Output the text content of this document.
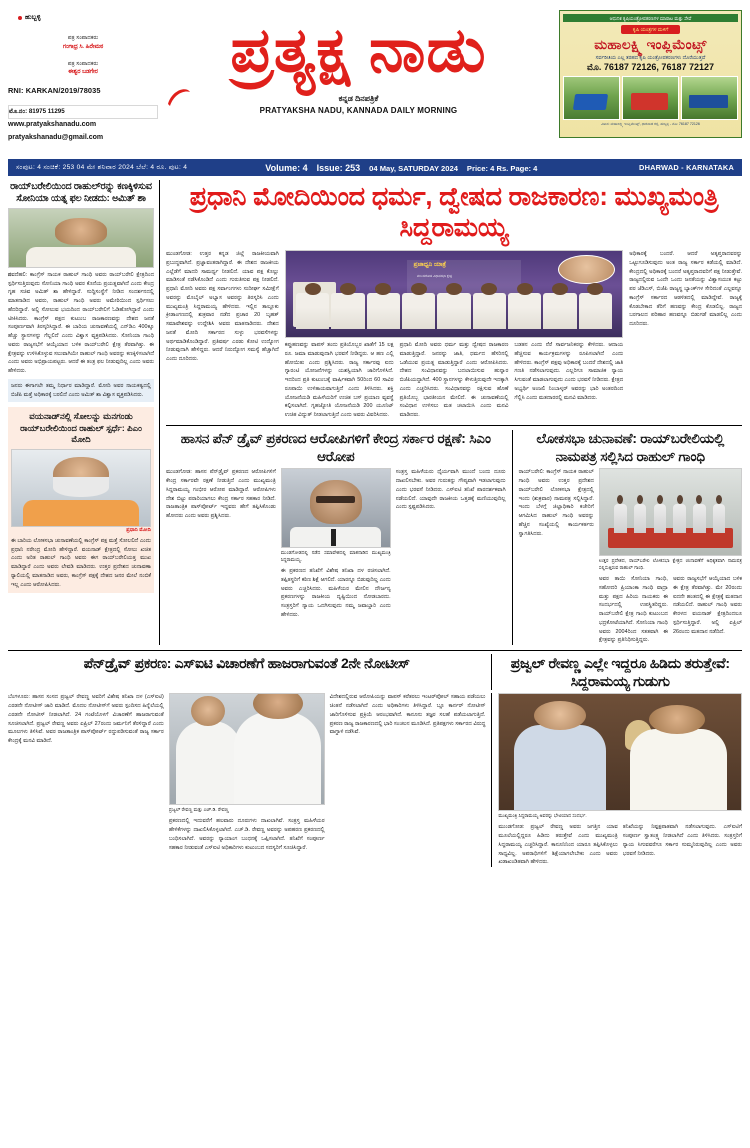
ಹುಬ್ಬಳ್ಳಿ
ಪತ್ರ ಸಂಪಾದಕರು
ಗಂಗಾಧ್ರ ಸಿ. ಹಿರೇಮಠ
ಪತ್ರ ಸಂಪಾದಕರು
ಈಶ್ವರ ಬಡಗೇರ
RNI: KARKAN/2019/78035
ಮೊ.ನಂ: 81975 11295
www.pratyakshanadu.com
pratyakshanadu@gmail.com
ಪ್ರತ್ಯಕ್ಷ ನಾಡು
ಕನ್ನಡ ದಿನಪತ್ರಿಕೆ
PRATYAKSHA NADU, KANNADA DAILY MORNING
ಆಧುನಿಕ ಕೃಷಿಯಂತ್ರೋಪಕರಣಗಳ ಮಾರಾಟ ಮತ್ತು ಸೇವೆ
ಕೃಷಿ ಯಂತ್ರಗಳ ಮಳಿಗೆ
ಮಹಾಲಕ್ಷ್ಮಿ ಇಂಪ್ಲಿಮೆಂಟ್ಸ್
ಸರ್ವರೀತಿಯ ಎಲ್ಲ ತರಹದ ಕೃಷಿ ಯಂತ್ರೋಪಕರಣಗಳು ದೊರೆಯುತ್ತವೆ
ಮೊ. 76187 72126, 76187 72127
ವಿಳಾಸ: ಮಹಾಲಕ್ಷ್ಮಿ ಇಂಪ್ಲಿಮೆಂಟ್ಸ್, ಧಾರವಾಡ ರಸ್ತೆ, ಹುಬ್ಬಳ್ಳಿ - ಮೊ: 76187 72126
ಸಂಪುಟ: 4 ಸಂಚಿಕೆ: 253 04 ಮೇ ಶನಿವಾರ 2024 ಬೆಲೆ: 4 ರೂ. ಪುಟ: 4	Volume: 4 Issue: 253 04 May, SATURDAY 2024 Price: 4 Rs. Page: 4	DHARWAD - KARNATAKA
ರಾಯ್‌ಬರೇಲಿಯಿಂದ ರಾಹುಲ್‌ರನ್ನು ಕಣಕ್ಕಿಳಿಸುವ ಸೋನಿಯಾ ಯತ್ನ ಫಲ ನೀಡದು: ಅಮಿತ್ ಶಾ
ನವದೆಹಲಿ: ಕಾಂಗ್ರೆಸ್ ನಾಯಕ ರಾಹುಲ್ ಗಾಂಧಿ ಅವರು ರಾಯ್‌ಬರೇಲಿ ಕ್ಷೇತ್ರದಿಂದ ಸ್ಪರ್ಧಿಸುತ್ತಿರುವುದು ಸೋನಿಯಾ ಗಾಂಧಿ ಅವರ ಕೊನೆಯ ಪ್ರಯತ್ನವಾಗಿದೆ ಎಂದು ಕೇಂದ್ರ ಗೃಹ ಸಚಿವ ಅಮಿತ್ ಶಾ ಹೇಳಿದ್ದಾರೆ. ಸುದ್ದಿಸಂಸ್ಥೆಗೆ ನೀಡಿದ ಸಂದರ್ಶನದಲ್ಲಿ ಮಾತನಾಡಿದ ಅವರು, ರಾಹುಲ್ ಗಾಂಧಿ ಅವರು ಅಮೇಠಿಯಿಂದ ಸ್ಪರ್ಧಿಸಲು ಹೆದರಿದ್ದಾರೆ. ಅಲ್ಲಿ ಸೋಲುವ ಭಯದಿಂದ ರಾಯ್‌ಬರೇಲಿಗೆ ಓಡಿಹೋಗಿದ್ದಾರೆ ಎಂದು ಟೀಕಿಸಿದರು. ಕಾಂಗ್ರೆಸ್ ಪಕ್ಷದ ಕುಟುಂಬ ರಾಜಕಾರಣವನ್ನು ದೇಶದ ಜನತೆ ಸಂಪೂರ್ಣವಾಗಿ ತಿರಸ್ಕರಿಸಿದ್ದಾರೆ. ಈ ಬಾರಿಯ ಚುನಾವಣೆಯಲ್ಲಿ ಎನ್‌ಡಿಎ 400ಕ್ಕೂ ಹೆಚ್ಚು ಸ್ಥಾನಗಳನ್ನು ಗೆಲ್ಲಲಿದೆ ಎಂದು ವಿಶ್ವಾಸ ವ್ಯಕ್ತಪಡಿಸಿದರು. ಸೋನಿಯಾ ಗಾಂಧಿ ಅವರು ರಾಜ್ಯಸಭೆಗೆ ಆಯ್ಕೆಯಾದ ಬಳಿಕ ರಾಯ್‌ಬರೇಲಿ ಕ್ಷೇತ್ರ ತೆರವಾಗಿತ್ತು. ಈ ಕ್ಷೇತ್ರವನ್ನು ಉಳಿಸಿಕೊಳ್ಳುವ ಸಲುವಾಗಿಯೇ ರಾಹುಲ್ ಗಾಂಧಿ ಅವರನ್ನು ಕಣಕ್ಕಿಳಿಸಲಾಗಿದೆ ಎಂದು ಅವರು ಅಭಿಪ್ರಾಯಪಟ್ಟರು. ಆದರೆ ಈ ತಂತ್ರ ಫಲ ನೀಡುವುದಿಲ್ಲ ಎಂದು ಅವರು ಹೇಳಿದರು.
ಜನರು ಈಗಾಗಲೇ ತಮ್ಮ ನಿರ್ಧಾರ ಮಾಡಿದ್ದಾರೆ. ಮೋದಿ ಅವರ ನಾಯಕತ್ವದಲ್ಲಿ ಬಿಜೆಪಿ ಮತ್ತೆ ಅಧಿಕಾರಕ್ಕೆ ಬರಲಿದೆ ಎಂದು ಅಮಿತ್ ಶಾ ವಿಶ್ವಾಸ ವ್ಯಕ್ತಪಡಿಸಿದರು.
ವಯನಾಡ್‌ನಲ್ಲಿ ಸೋಲನ್ನು ಮನಗಂಡು ರಾಯ್‌ಬರೇಲಿಯಿಂದ ರಾಹುಲ್ ಸ್ಪರ್ಧೆ: ಪಿಎಂ ಮೋದಿ
ಪ್ರಧಾನಿ ಮೋದಿ
ಈ ಬಾರಿಯ ಲೋಕಸಭಾ ಚುನಾವಣೆಯಲ್ಲಿ ಕಾಂಗ್ರೆಸ್ ಪಕ್ಷ ಮತ್ತೆ ಸೋಲಲಿದೆ ಎಂದು ಪ್ರಧಾನಿ ನರೇಂದ್ರ ಮೋದಿ ಹೇಳಿದ್ದಾರೆ. ವಯನಾಡ್ ಕ್ಷೇತ್ರದಲ್ಲಿ ಸೋಲು ಖಚಿತ ಎಂದು ಅರಿತ ರಾಹುಲ್ ಗಾಂಧಿ ಅವರು ಈಗ ರಾಯ್‌ಬರೇಲಿಯತ್ತ ಮುಖ ಮಾಡಿದ್ದಾರೆ ಎಂದು ಅವರು ಲೇವಡಿ ಮಾಡಿದರು. ಉತ್ತರ ಪ್ರದೇಶದ ಚುನಾವಣಾ ರ್‍ಯಾಲಿಯಲ್ಲಿ ಮಾತನಾಡಿದ ಅವರು, ಕಾಂಗ್ರೆಸ್ ಪಕ್ಷಕ್ಕೆ ದೇಶದ ಜನರ ಮೇಲೆ ನಂಬಿಕೆ ಇಲ್ಲ ಎಂದು ಆರೋಪಿಸಿದರು.
ಪ್ರಧಾನಿ ಮೋದಿಯಿಂದ ಧರ್ಮ, ದ್ವೇಷದ ರಾಜಕಾರಣ: ಮುಖ್ಯಮಂತ್ರಿ ಸಿದ್ದರಾಮಯ್ಯ
ಮುಂಡಗೋಡ: ಉತ್ತರ ಕನ್ನಡ ಜಿಲ್ಲೆ ರಾಜಕೀಯವಾಗಿ ಪ್ರಬುದ್ಧವಾಗಿದೆ. ಪ್ರಜ್ಞಾವಂತರಾಗಿದ್ದಾರೆ. ಈ ದೇಶದ ರಾಜಕೀಯ ಎಲ್ಲೆಡೆಗೆ ಮಾದರಿ ಸಾಮರ್ಥ್ಯ ನೀಡಲಿದೆ. ಯಾವ ಪಕ್ಷ ಕೊಲ್ಲು ಮಾಡಿಸಂತೆ ನಡೆಸಿಕೊಂಡಿದೆ ಎಂದು ಗುರುತಿಸುವ ಪಕ್ಷ ನೀಡಲಿದೆ. ಪ್ರಧಾನಿ ಮೋದಿ ಅವರು ಪಕ್ಷ ಸರ್ವಾಂಗಗಳು ಸುದೀರ್ಘ ಸಮೀಕ್ಷೆಗೆ ಅವರನ್ನು ಮೊಬೈಲ್ ಅಭ್ಯಾಸ ಅವರನ್ನು ತಿರಸ್ಕರಿಸಿ ಎಂದು ಮುಖ್ಯಮಂತ್ರಿ ಸಿದ್ದರಾಮಯ್ಯ ಹೇಳಿದರು. ಇಲ್ಲಿನ ತಾಲ್ಲೂಕು ಕ್ರೀಡಾಂಗಣದಲ್ಲಿ ಶುಕ್ರವಾರ ನಡೆದ ಪ್ರಚಾರ 20 ಬೃಹತ್ ಸಮಾವೇಶವನ್ನು ಉದ್ದೇಶಿಸಿ ಅವರು ಮಾತನಾಡಿದರು. ದೇಶದ ಜನತೆ ಮೋದಿ ಸರ್ಕಾರದ ಸುಳ್ಳು ಭರವಸೆಗಳನ್ನು ಅರ್ಥಮಾಡಿಕೊಂಡಿದ್ದಾರೆ. ಪ್ರತಿವರ್ಷ ಎರಡು ಕೋಟಿ ಉದ್ಯೋಗ ನೀಡುವುದಾಗಿ ಹೇಳಿದ್ದರು. ಆದರೆ ನಿರುದ್ಯೋಗ ಸಮಸ್ಯೆ ಹೆಚ್ಚಾಗಿದೆ ಎಂದು ದೂರಿದರು.
ಪ್ರಜಾಧ್ವನಿ ಯಾತ್ರೆ
ಮುಂಡಗೋಡ ವಿಧಾನಸಭಾ ಕ್ಷೇತ್ರ
ಕಪ್ಪುಹಣವನ್ನು ವಾಪಸ್ ತಂದು ಪ್ರತಿಯೊಬ್ಬರ ಖಾತೆಗೆ 15 ಲಕ್ಷ ರೂ. ಜಮಾ ಮಾಡುವುದಾಗಿ ಭರವಸೆ ನೀಡಿದ್ದರು. ಆ ಹಣ ಎಲ್ಲಿ ಹೋಯಿತು ಎಂದು ಪ್ರಶ್ನಿಸಿದರು. ರಾಜ್ಯ ಸರ್ಕಾರವು ಐದು ಗ್ಯಾರಂಟಿ ಯೋಜನೆಗಳನ್ನು ಯಶಸ್ವಿಯಾಗಿ ಜಾರಿಗೊಳಿಸಿದೆ. ಇದರಿಂದ ಪ್ರತಿ ಕುಟುಂಬಕ್ಕೆ ವಾರ್ಷಿಕವಾಗಿ 50ರಿಂದ 60 ಸಾವಿರ ರೂಪಾಯಿ ಉಳಿತಾಯವಾಗುತ್ತಿದೆ ಎಂದು ತಿಳಿಸಿದರು. ಶಕ್ತಿ ಯೋಜನೆಯಡಿ ಮಹಿಳೆಯರಿಗೆ ಉಚಿತ ಬಸ್ ಪ್ರಯಾಣ ವ್ಯವಸ್ಥೆ ಕಲ್ಪಿಸಲಾಗಿದೆ. ಗೃಹಜ್ಯೋತಿ ಯೋಜನೆಯಡಿ 200 ಯೂನಿಟ್ ಉಚಿತ ವಿದ್ಯುತ್ ನೀಡಲಾಗುತ್ತಿದೆ ಎಂದು ಅವರು ವಿವರಿಸಿದರು.
ಪ್ರಧಾನಿ ಮೋದಿ ಅವರು ಧರ್ಮ ಮತ್ತು ದ್ವೇಷದ ರಾಜಕಾರಣ ಮಾಡುತ್ತಿದ್ದಾರೆ. ಜನರನ್ನು ಜಾತಿ, ಧರ್ಮದ ಹೆಸರಿನಲ್ಲಿ ಒಡೆಯುವ ಪ್ರಯತ್ನ ಮಾಡುತ್ತಿದ್ದಾರೆ ಎಂದು ಆರೋಪಿಸಿದರು. ದೇಶದ ಸಂವಿಧಾನವನ್ನು ಬದಲಾಯಿಸುವ ಹುನ್ನಾರ ಬಿಜೆಪಿಯದ್ದಾಗಿದೆ. 400 ಸ್ಥಾನಗಳನ್ನು ಕೇಳುತ್ತಿರುವುದೇ ಇದಕ್ಕಾಗಿ ಎಂದು ಎಚ್ಚರಿಸಿದರು. ಸಂವಿಧಾನವನ್ನು ರಕ್ಷಿಸುವ ಹೊಣೆ ಪ್ರತಿಯೊಬ್ಬ ಭಾರತೀಯನ ಮೇಲಿದೆ. ಈ ಚುನಾವಣೆಯಲ್ಲಿ ಸಂವಿಧಾನ ಉಳಿಸಲು ಮತ ಚಲಾಯಿಸಿ ಎಂದು ಮನವಿ ಮಾಡಿದರು.
ಬಡತನ ಎಂದು ನೆರೆ ಸಾರ್ವಜನಿಕರನ್ನು ಕೇಳಿದರು. ಆದಾಯ ಹೆಚ್ಚಿಸುವ ಕಾರ್ಯಕ್ರಮಗಳನ್ನು ರೂಪಿಸಲಾಗಿದೆ ಎಂದು ಹೇಳಿದರು. ಕಾಂಗ್ರೆಸ್ ಪಕ್ಷವು ಅಧಿಕಾರಕ್ಕೆ ಬಂದರೆ ದೇಶದಲ್ಲಿ ಜಾತಿ ಗಣತಿ ನಡೆಸಲಾಗುವುದು. ಎಲ್ಲರಿಗೂ ಸಾಮಾಜಿಕ ನ್ಯಾಯ ಸಿಗುವಂತೆ ಮಾಡಲಾಗುವುದು ಎಂದು ಭರವಸೆ ನೀಡಿದರು. ಕ್ಷೇತ್ರದ ಅಭ್ಯರ್ಥಿ ಅಂಜಲಿ ನಿಂಬಾಳ್ಕರ್ ಅವರನ್ನು ಭಾರಿ ಅಂತರದಿಂದ ಗೆಲ್ಲಿಸಿ ಎಂದು ಮತದಾರರಲ್ಲಿ ಮನವಿ ಮಾಡಿದರು.
ಅಧಿಕಾರಕ್ಕೆ ಬಂದರೆ. ಆದರೆ ಅತೃಪ್ತರಾದವರನ್ನು ಒಟ್ಟುಗೂಡಿಸುವುದು ಅಂತ ರಾಜ್ಯ ಸರ್ಕಾರ ಕಡೆಯಲ್ಲಿ ಮಾಡಿದೆ. ಕೇಂದ್ರದಲ್ಲಿ ಅಧಿಕಾರಕ್ಕೆ ಬಂದರೆ ಅತೃಪ್ತರಾದವರಿಗೆ ಪಕ್ಷ ನೀಡುತ್ತೇವೆ. ರಾಜ್ಯದಲ್ಲಿರುವ ಒಂದೇ ಒಂದು ಜನತೆಯನ್ನು ವಿಶ್ವಾಸಯುತ ಕಟ್ಟು ಪರ ಜೆಡಿಎಸ್, ಬಿಜೆಪಿ ರಾಜ್ಯಸ್ಥ ಬ್ಯಾಂಕ್‌ಗಳ ಸೇರಿದಂತೆ ಎಲ್ಲವನ್ನೂ ಕಾಂಗ್ರೆಸ್ ಸರ್ಕಾರದ ಆಡಳಿತದಲ್ಲಿ ಮಾಡಿದ್ದೇವೆ. ರಾಜ್ಯಕ್ಕೆ ಕೊಡಬೇಕಾದ ತೆರಿಗೆ ಹಣವನ್ನು ಕೇಂದ್ರ ಕೊಡಲಿಲ್ಲ. ರಾಜ್ಯದ ಬರಗಾಲದ ಪರಿಹಾರ ಹಣವನ್ನೂ ಬಿಡುಗಡೆ ಮಾಡಲಿಲ್ಲ ಎಂದು ದೂರಿದರು.
ಹಾಸನ ಪೆನ್ ಡ್ರೈವ್ ಪ್ರಕರಣದ ಆರೋಪಿಗಳಿಗೆ ಕೇಂದ್ರ ಸರ್ಕಾರ ರಕ್ಷಣೆ: ಸಿಎಂ ಆರೋಪ
ಮುಂಡಗೋಡ: ಹಾಸನ ಪೆನ್‌ಡ್ರೈವ್ ಪ್ರಕರಣದ ಆರೋಪಿಗಳಿಗೆ ಕೇಂದ್ರ ಸರ್ಕಾರವೇ ರಕ್ಷಣೆ ನೀಡುತ್ತಿದೆ ಎಂದು ಮುಖ್ಯಮಂತ್ರಿ ಸಿದ್ದರಾಮಯ್ಯ ಗಂಭೀರ ಆರೋಪ ಮಾಡಿದ್ದಾರೆ. ಆರೋಪಿಗಳು ದೇಶ ಬಿಟ್ಟು ಪರಾರಿಯಾಗಲು ಕೇಂದ್ರ ಸರ್ಕಾರ ಸಹಕಾರ ನೀಡಿದೆ. ರಾಜತಾಂತ್ರಿಕ ಪಾಸ್‌ಪೋರ್ಟ್ ಇದ್ದವರು ಹೇಗೆ ತಪ್ಪಿಸಿಕೊಂಡು ಹೋದರು ಎಂದು ಅವರು ಪ್ರಶ್ನಿಸಿದರು.
ಮುಂಡಗೋಡದಲ್ಲಿ ನಡೆದ ಸಮಾವೇಶದಲ್ಲಿ ಮಾತನಾಡಿದ ಮುಖ್ಯಮಂತ್ರಿ ಸಿದ್ದರಾಮಯ್ಯ.
ಈ ಪ್ರಕರಣದ ತನಿಖೆಗೆ ವಿಶೇಷ ತನಿಖಾ ದಳ ರಚಿಸಲಾಗಿದೆ. ತಪ್ಪಿತಸ್ಥರಿಗೆ ಕಠಿಣ ಶಿಕ್ಷೆ ಆಗಲಿದೆ. ಯಾರನ್ನೂ ಬಿಡುವುದಿಲ್ಲ ಎಂದು ಅವರು ಎಚ್ಚರಿಸಿದರು. ಮಹಿಳೆಯರ ಮೇಲಿನ ದೌರ್ಜನ್ಯ ಪ್ರಕರಣಗಳನ್ನು ರಾಜಕೀಯ ದೃಷ್ಟಿಯಿಂದ ನೋಡಬಾರದು. ಸಂತ್ರಸ್ತರಿಗೆ ನ್ಯಾಯ ಒದಗಿಸುವುದು ನಮ್ಮ ಜವಾಬ್ದಾರಿ ಎಂದು ಹೇಳಿದರು.
ಸಂತ್ರಸ್ತ ಮಹಿಳೆಯರು ಧೈರ್ಯವಾಗಿ ಮುಂದೆ ಬಂದು ದೂರು ದಾಖಲಿಸಬೇಕು. ಅವರ ಗುರುತನ್ನು ಗೌಪ್ಯವಾಗಿ ಇಡಲಾಗುವುದು ಎಂದು ಭರವಸೆ ನೀಡಿದರು. ಎಸ್‌ಐಟಿ ತನಿಖೆ ಪಾರದರ್ಶಕವಾಗಿ ನಡೆಯಲಿದೆ. ಯಾವುದೇ ರಾಜಕೀಯ ಒತ್ತಡಕ್ಕೆ ಮಣಿಯುವುದಿಲ್ಲ ಎಂದು ಸ್ಪಷ್ಟಪಡಿಸಿದರು.
ಲೋಕಸಭಾ ಚುನಾವಣೆ: ರಾಯ್‌ಬರೇಲಿಯಲ್ಲಿ ನಾಮಪತ್ರ ಸಲ್ಲಿಸಿದ ರಾಹುಲ್ ಗಾಂಧಿ
ರಾಯ್‌ಬರೇಲಿ: ಕಾಂಗ್ರೆಸ್ ನಾಯಕ ರಾಹುಲ್ ಗಾಂಧಿ ಅವರು ಉತ್ತರ ಪ್ರದೇಶದ ರಾಯ್‌ಬರೇಲಿ ಲೋಕಸಭಾ ಕ್ಷೇತ್ರದಲ್ಲಿ ಇಂದು (ಶುಕ್ರವಾರ) ನಾಮಪತ್ರ ಸಲ್ಲಿಸಿದ್ದಾರೆ. ಇಂದು ಬೆಳಗ್ಗೆ ಜಿಲ್ಲಾಧಿಕಾರಿ ಕಚೇರಿಗೆ ಆಗಮಿಸಿದ ರಾಹುಲ್ ಗಾಂಧಿ ಅವರನ್ನು ಹೆಚ್ಚಿನ ಸಂಖ್ಯೆಯಲ್ಲಿ ಕಾರ್ಯಕರ್ತರು ಸ್ವಾಗತಿಸಿದರು.
ಉತ್ತರ ಪ್ರದೇಶದ, ರಾಯ್‌ಬರೇಲಿ ಲೋಕಸಭಾ ಕ್ಷೇತ್ರದ ಚುನಾವಣೆಗೆ ಅಧಿಕೃತವಾಗಿ ನಾಮಪತ್ರ ಸಲ್ಲಿಸುತ್ತಿರುವ ರಾಹುಲ್ ಗಾಂಧಿ.
ಅವರ ತಾಯಿ ಸೋನಿಯಾ ಗಾಂಧಿ, ಸಹೋದರಿ ಪ್ರಿಯಾಂಕಾ ಗಾಂಧಿ ವಾದ್ರಾ ಮತ್ತು ಪಕ್ಷದ ಹಿರಿಯ ನಾಯಕರು ಈ ಸಂದರ್ಭದಲ್ಲಿ ಉಪಸ್ಥಿತರಿದ್ದರು. ರಾಯ್‌ಬರೇಲಿ ಕ್ಷೇತ್ರ ಗಾಂಧಿ ಕುಟುಂಬದ ಭದ್ರಕೋಟೆಯಾಗಿದೆ. ಸೋನಿಯಾ ಗಾಂಧಿ ಅವರು 2004ರಿಂದ ಸತತವಾಗಿ ಈ ಕ್ಷೇತ್ರವನ್ನು ಪ್ರತಿನಿಧಿಸುತ್ತಿದ್ದರು.
ಅವರು ರಾಜ್ಯಸಭೆಗೆ ಆಯ್ಕೆಯಾದ ಬಳಿಕ ಈ ಕ್ಷೇತ್ರ ತೆರವಾಗಿತ್ತು. ಮೇ 20ರಂದು ಐದನೇ ಹಂತದಲ್ಲಿ ಈ ಕ್ಷೇತ್ರಕ್ಕೆ ಮತದಾನ ನಡೆಯಲಿದೆ. ರಾಹುಲ್ ಗಾಂಧಿ ಅವರು ಕೇರಳದ ವಯನಾಡ್ ಕ್ಷೇತ್ರದಿಂದಲೂ ಸ್ಪರ್ಧಿಸುತ್ತಿದ್ದಾರೆ. ಅಲ್ಲಿ ಏಪ್ರಿಲ್ 26ರಂದು ಮತದಾನ ನಡೆದಿದೆ.
ಪೆನ್‌ಡ್ರೈವ್ ಪ್ರಕರಣ: ಎಸ್‌ಐಟಿ ವಿಚಾರಣೆಗೆ ಹಾಜರಾಗುವಂತೆ 2ನೇ ನೋಟೀಸ್	ಪ್ರಜ್ವಲ್ ರೇವಣ್ಣ ಎಲ್ಲೇ ಇದ್ದರೂ ಹಿಡಿದು ತರುತ್ತೇವೆ: ಸಿದ್ದರಾಮಯ್ಯ ಗುಡುಗು
ಬೆಂಗಳೂರು: ಹಾಸನ ಸಂಸದ ಪ್ರಜ್ವಲ್ ರೇವಣ್ಣ ಅವರಿಗೆ ವಿಶೇಷ ತನಿಖಾ ದಳ (ಎಸ್‌ಐಟಿ) ಎರಡನೇ ನೋಟೀಸ್ ಜಾರಿ ಮಾಡಿದೆ. ಮೊದಲ ನೋಟೀಸ್‌ಗೆ ಅವರು ಸ್ಪಂದಿಸದ ಹಿನ್ನೆಲೆಯಲ್ಲಿ ಎರಡನೇ ನೋಟೀಸ್ ನೀಡಲಾಗಿದೆ. 24 ಗಂಟೆಯೊಳಗೆ ವಿಚಾರಣೆಗೆ ಹಾಜರಾಗುವಂತೆ ಸೂಚಿಸಲಾಗಿದೆ. ಪ್ರಜ್ವಲ್ ರೇವಣ್ಣ ಅವರು ಏಪ್ರಿಲ್ 27ರಂದು ಜರ್ಮನಿಗೆ ತೆರಳಿದ್ದಾರೆ ಎಂದು ಮೂಲಗಳು ತಿಳಿಸಿವೆ. ಅವರ ರಾಜತಾಂತ್ರಿಕ ಪಾಸ್‌ಪೋರ್ಟ್ ರದ್ದುಪಡಿಸುವಂತೆ ರಾಜ್ಯ ಸರ್ಕಾರ ಕೇಂದ್ರಕ್ಕೆ ಮನವಿ ಮಾಡಿದೆ.
ಪ್ರಜ್ವಲ್ ರೇವಣ್ಣ ಮತ್ತು ಎಚ್‌.ಡಿ. ರೇವಣ್ಣ
ಪ್ರಕರಣದಲ್ಲಿ ಇದುವರೆಗೆ ಹಲವಾರು ದೂರುಗಳು ದಾಖಲಾಗಿವೆ. ಸಂತ್ರಸ್ತ ಮಹಿಳೆಯರ ಹೇಳಿಕೆಗಳನ್ನು ದಾಖಲಿಸಿಕೊಳ್ಳಲಾಗಿದೆ. ಎಚ್‌.ಡಿ. ರೇವಣ್ಣ ಅವರನ್ನು ಅಪಹರಣ ಪ್ರಕರಣದಲ್ಲಿ ಬಂಧಿಸಲಾಗಿದೆ. ಅವರನ್ನು ನ್ಯಾಯಾಂಗ ಬಂಧನಕ್ಕೆ ಒಪ್ಪಿಸಲಾಗಿದೆ. ತನಿಖೆಗೆ ಸಂಪೂರ್ಣ ಸಹಕಾರ ನೀಡುವಂತೆ ಎಸ್‌ಐಟಿ ಅಧಿಕಾರಿಗಳು ಕುಟುಂಬದ ಸದಸ್ಯರಿಗೆ ಸೂಚಿಸಿದ್ದಾರೆ.
ವಿದೇಶದಲ್ಲಿರುವ ಆರೋಪಿಯನ್ನು ವಾಪಸ್ ಕರೆತರಲು ಇಂಟರ್‌ಪೋಲ್ ಸಹಾಯ ಪಡೆಯಲು ಚಿಂತನೆ ನಡೆಸಲಾಗಿದೆ ಎಂದು ಅಧಿಕಾರಿಗಳು ತಿಳಿಸಿದ್ದಾರೆ. ಬ್ಲೂ ಕಾರ್ನರ್ ನೋಟೀಸ್ ಜಾರಿಗೊಳಿಸುವ ಪ್ರಕ್ರಿಯೆ ಆರಂಭವಾಗಿದೆ. ಕಾನೂನು ತಜ್ಞರ ಸಲಹೆ ಪಡೆಯಲಾಗುತ್ತಿದೆ. ಪ್ರಕರಣ ರಾಜ್ಯ ರಾಜಕಾರಣದಲ್ಲಿ ಭಾರಿ ಸಂಚಲನ ಮೂಡಿಸಿದೆ. ಪ್ರತಿಪಕ್ಷಗಳು ಸರ್ಕಾರದ ವಿರುದ್ಧ ವಾಗ್ದಾಳಿ ನಡೆಸಿವೆ.
ಮುಖ್ಯಮಂತ್ರಿ ಸಿದ್ದರಾಮಯ್ಯ ಅವರನ್ನು ಭೇಟಿಯಾದ ಸಂದರ್ಭ.
ಮುಂಡಗೋಡ: ಪ್ರಜ್ವಲ್ ರೇವಣ್ಣ ಅವರು ಜಗತ್ತಿನ ಯಾವ ಮೂಲೆಯಲ್ಲಿದ್ದರೂ ಹಿಡಿದು ತರುತ್ತೇವೆ ಎಂದು ಮುಖ್ಯಮಂತ್ರಿ ಸಿದ್ದರಾಮಯ್ಯ ಎಚ್ಚರಿಸಿದ್ದಾರೆ. ಕಾನೂನಿನಿಂದ ಯಾರೂ ತಪ್ಪಿಸಿಕೊಳ್ಳಲು ಸಾಧ್ಯವಿಲ್ಲ. ಅಪರಾಧಿಗಳಿಗೆ ಶಿಕ್ಷೆಯಾಗಲೇಬೇಕು ಎಂದು ಅವರು ಖಡಾಖಂಡಿತವಾಗಿ ಹೇಳಿದರು.
ತನಿಖೆಯನ್ನು ನಿಷ್ಪಕ್ಷಪಾತವಾಗಿ ನಡೆಸಲಾಗುವುದು. ಎಸ್‌ಐಟಿಗೆ ಸಂಪೂರ್ಣ ಸ್ವಾತಂತ್ರ್ಯ ನೀಡಲಾಗಿದೆ ಎಂದು ತಿಳಿಸಿದರು. ಸಂತ್ರಸ್ತರಿಗೆ ನ್ಯಾಯ ಸಿಗುವವರೆಗೂ ಸರ್ಕಾರ ಸುಮ್ಮನಿರುವುದಿಲ್ಲ ಎಂದು ಅವರು ಭರವಸೆ ನೀಡಿದರು.
